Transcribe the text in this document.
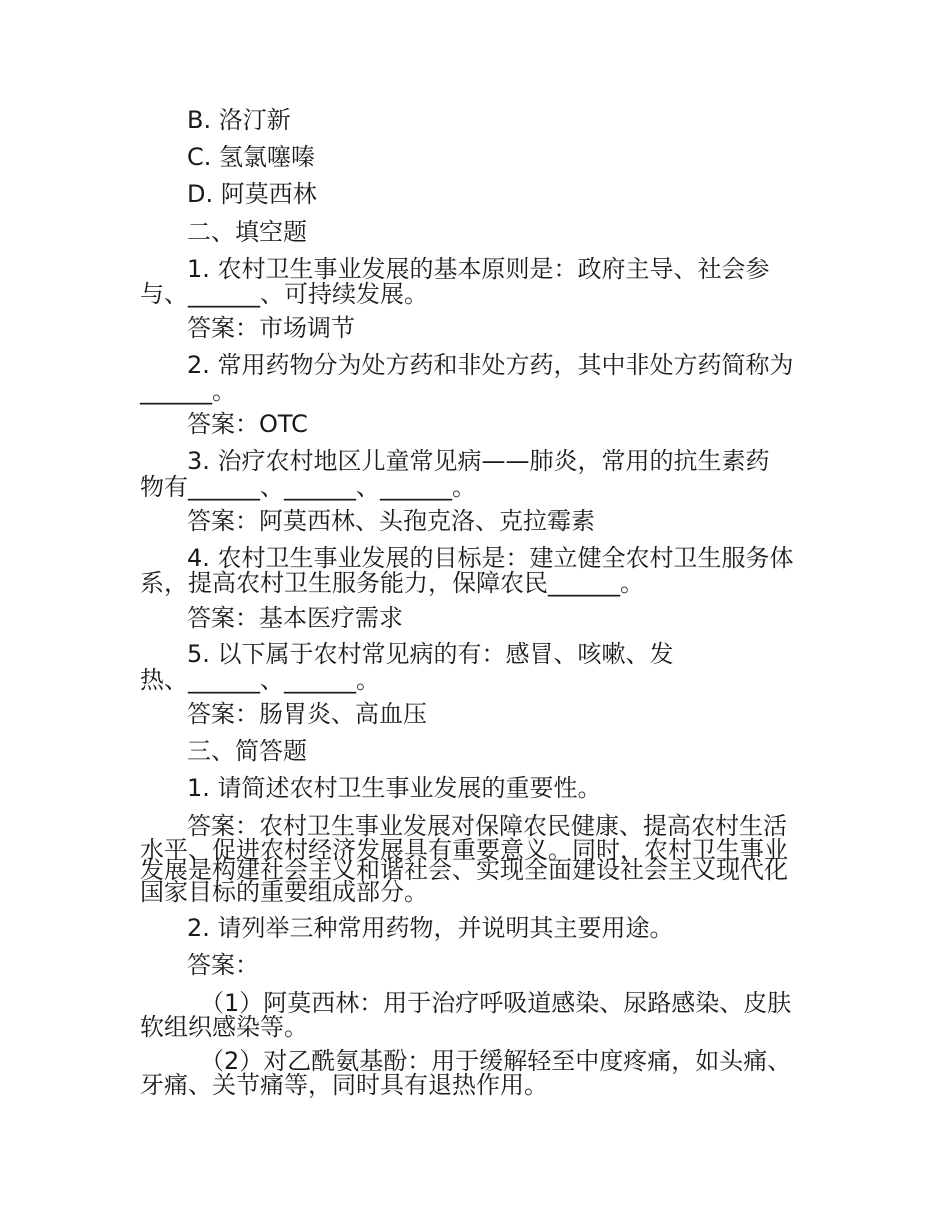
B. 洛汀新
C. 氢氯噻嗪
D. 阿莫西林
二、填空题
1. 农村卫生事业发展的基本原则是：政府主导、社会参
与、______、可持续发展。
答案：市场调节
2. 常用药物分为处方药和非处方药，其中非处方药简称为
______。
答案：OTC
3. 治疗农村地区儿童常见病——肺炎，常用的抗生素药
物有______、______、______。
答案：阿莫西林、头孢克洛、克拉霉素
4. 农村卫生事业发展的目标是：建立健全农村卫生服务体
系，提高农村卫生服务能力，保障农民______。
答案：基本医疗需求
5. 以下属于农村常见病的有：感冒、咳嗽、发
热、______、______。
答案：肠胃炎、高血压
三、简答题
1. 请简述农村卫生事业发展的重要性。
答案：农村卫生事业发展对保障农民健康、提高农村生活
水平、促进农村经济发展具有重要意义。同时，农村卫生事业
发展是构建社会主义和谐社会、实现全面建设社会主义现代化
国家目标的重要组成部分。
2. 请列举三种常用药物，并说明其主要用途。
答案：
（1）阿莫西林：用于治疗呼吸道感染、尿路感染、皮肤
软组织感染等。
（2）对乙酰氨基酚：用于缓解轻至中度疼痛，如头痛、
牙痛、关节痛等，同时具有退热作用。
